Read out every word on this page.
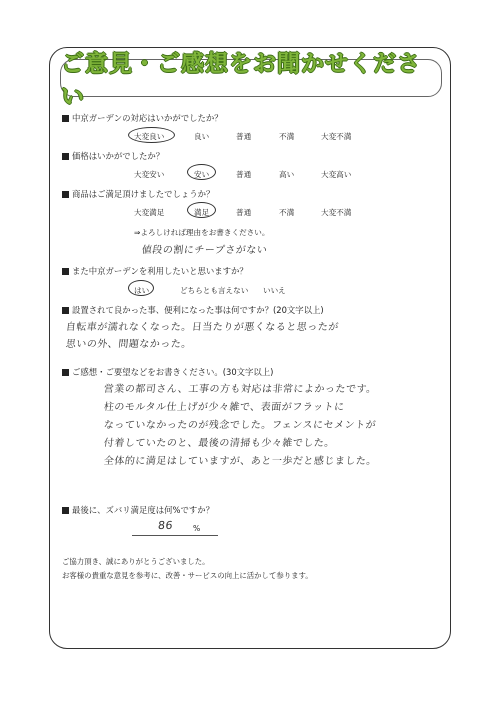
ご意見・ご感想をお聞かせください
中京ガーデンの対応はいかがでしたか？
大変良い	良い	普通	不満	大変不満
価格はいかがでしたか？
大変安い	安い	普通	高い	大変高い
商品はご満足頂けましたでしょうか？
大変満足	満足	普通	不満	大変不満
⇒よろしければ理由をお書きください。
値段の割にチープさがない
また中京ガーデンを利用したいと思いますか？
はい	どちらとも言えない いいえ
設置されて良かった事、便利になった事は何ですか？(20文字以上)
自転車が濡れなくなった。日当たりが悪くなると思ったが
思いの外、問題なかった。
ご感想・ご要望などをお書きください。(30文字以上)
営業の都司さん、工事の方も対応は非常によかったです。
柱のモルタル仕上げが少々雑で、表面がフラットに
なっていなかったのが残念でした。フェンスにセメントが
付着していたのと、最後の清掃も少々雑でした。
全体的に満足はしていますが、あと一歩だと感じました。
最後に、ズバリ満足度は何%ですか？
86	%
ご協力頂き、誠にありがとうございました。
お客様の貴重な意見を参考に、改善・サービスの向上に活かして参ります。
